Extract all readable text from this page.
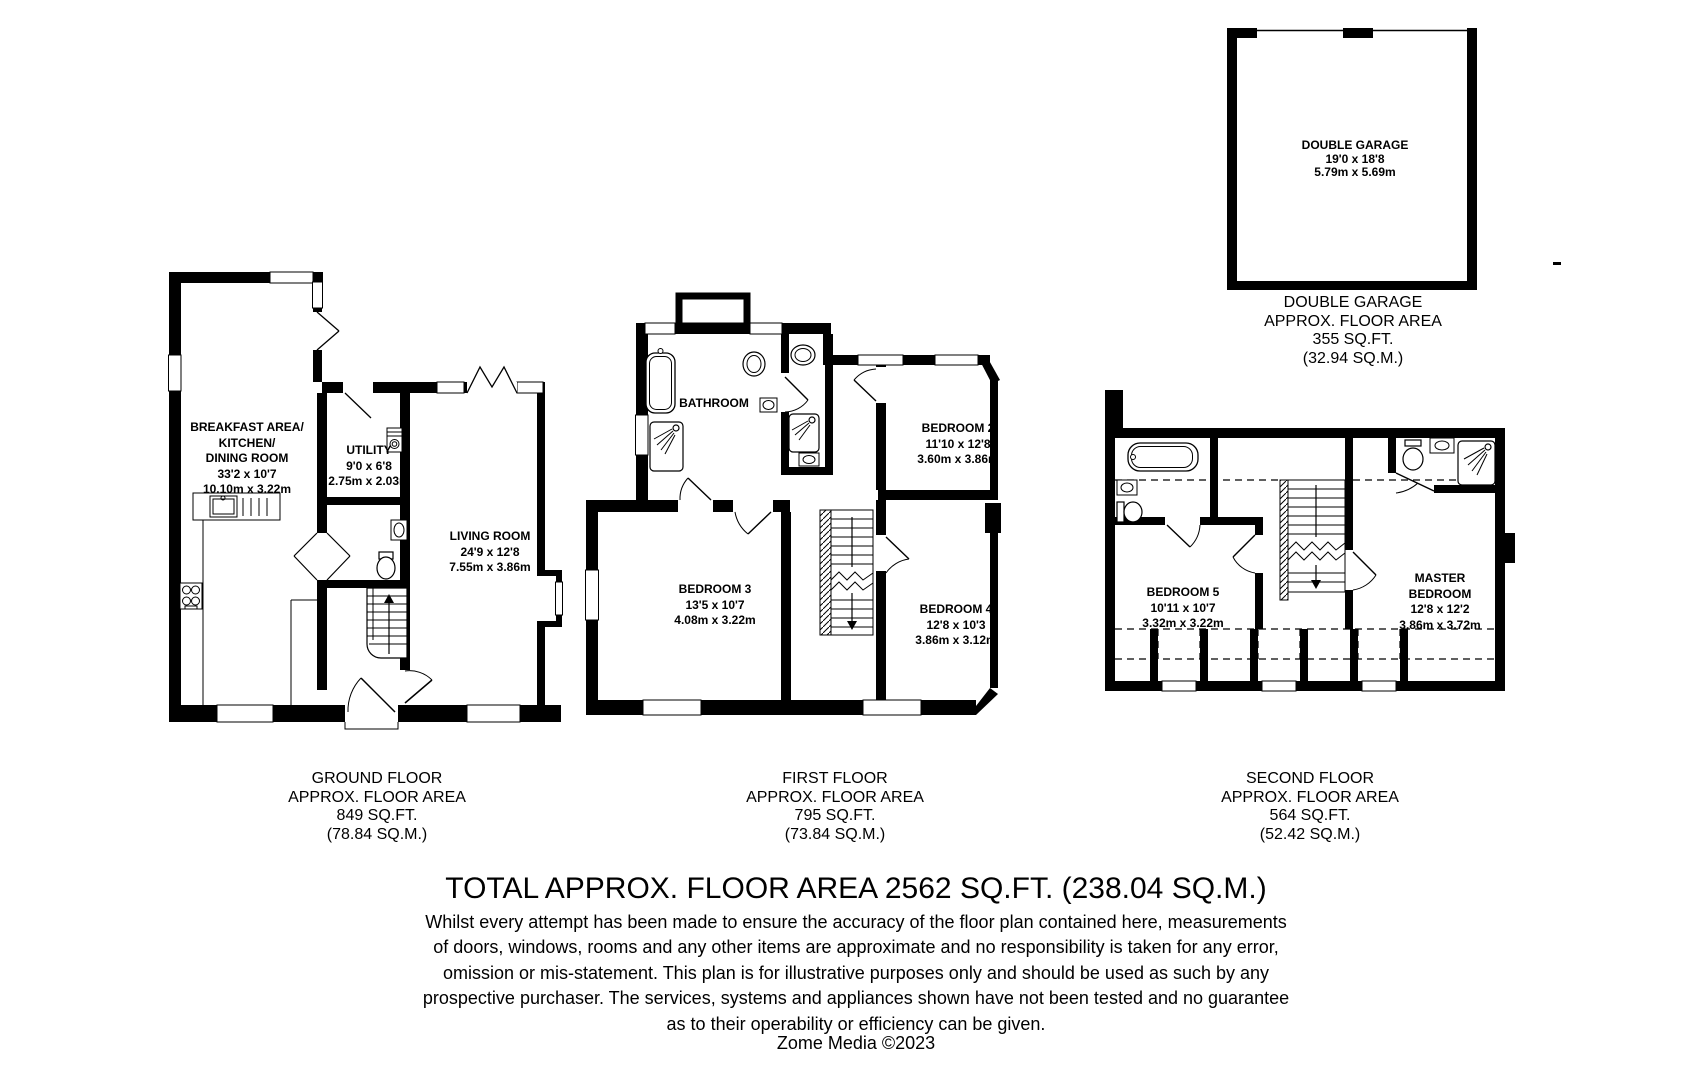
BREAKFAST AREA/
KITCHEN/
DINING ROOM
33'2 x 10'7
10.10m x 3.22m
UTILITY
9'0 x 6'8
2.75m x 2.03m
LIVING ROOM
24'9 x 12'8
7.55m x 3.86m
BATHROOM
BEDROOM 2
11'10 x 12'8
3.60m x 3.86m
BEDROOM 3
13'5 x 10'7
4.08m x 3.22m
BEDROOM 4
12'8 x 10'3
3.86m x 3.12m
BEDROOM 5
10'11 x 10'7
3.32m x 3.22m
MASTER
BEDROOM
12'8 x 12'2
3.86m x 3.72m
DOUBLE GARAGE
19'0 x 18'8
5.79m x 5.69m
GROUND FLOOR
APPROX. FLOOR AREA
849 SQ.FT.
(78.84 SQ.M.)
FIRST FLOOR
APPROX. FLOOR AREA
795 SQ.FT.
(73.84 SQ.M.)
SECOND FLOOR
APPROX. FLOOR AREA
564 SQ.FT.
(52.42 SQ.M.)
DOUBLE GARAGE
APPROX. FLOOR AREA
355 SQ.FT.
(32.94 SQ.M.)
TOTAL APPROX. FLOOR AREA 2562 SQ.FT. (238.04 SQ.M.)
Whilst every attempt has been made to ensure the accuracy of the floor plan contained here, measurements
of doors, windows, rooms and any other items are approximate and no responsibility is taken for any error,
omission or mis-statement. This plan is for illustrative purposes only and should be used as such by any
prospective purchaser. The services, systems and appliances shown have not been tested and no guarantee
as to their operability or efficiency can be given.
Zome Media ©2023
